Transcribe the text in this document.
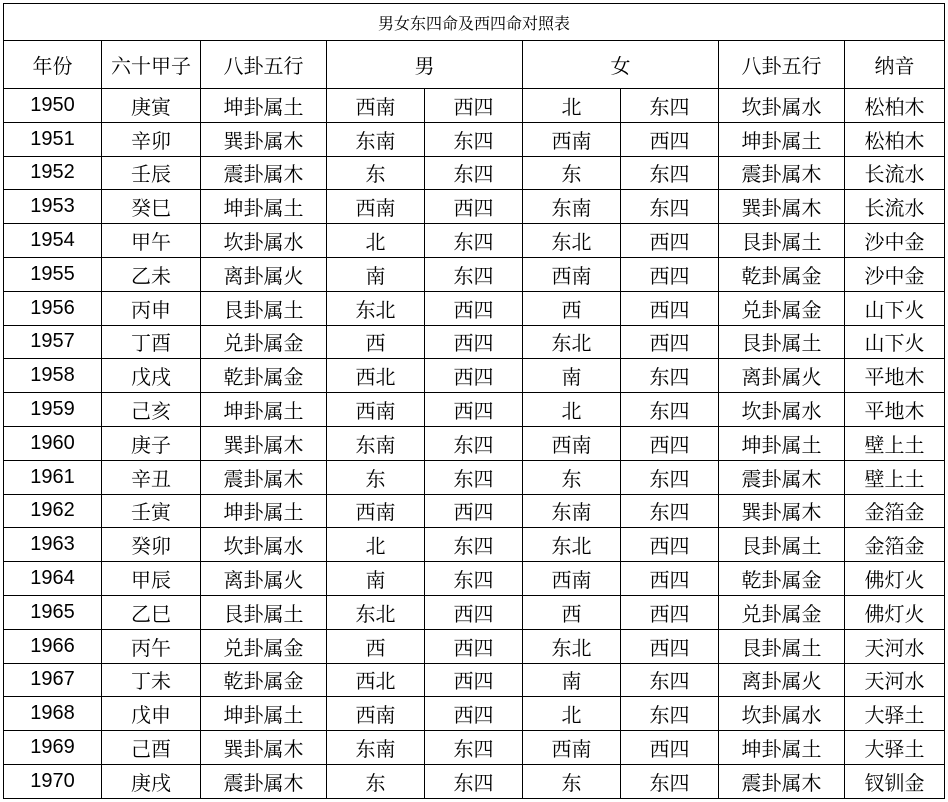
男女东四命及西四命对照表								
年份	六十甲子	八卦五行	男		女		八卦五行	纳音
1950	庚寅	坤卦属土	西南	西四	北	东四	坎卦属水	松柏木
1951	辛卯	巽卦属木	东南	东四	西南	西四	坤卦属土	松柏木
1952	壬辰	震卦属木	东	东四	东	东四	震卦属木	长流水
1953	癸巳	坤卦属土	西南	西四	东南	东四	巽卦属木	长流水
1954	甲午	坎卦属水	北	东四	东北	西四	艮卦属土	沙中金
1955	乙未	离卦属火	南	东四	西南	西四	乾卦属金	沙中金
1956	丙申	艮卦属土	东北	西四	西	西四	兑卦属金	山下火
1957	丁酉	兑卦属金	西	西四	东北	西四	艮卦属土	山下火
1958	戊戌	乾卦属金	西北	西四	南	东四	离卦属火	平地木
1959	己亥	坤卦属土	西南	西四	北	东四	坎卦属水	平地木
1960	庚子	巽卦属木	东南	东四	西南	西四	坤卦属土	壁上土
1961	辛丑	震卦属木	东	东四	东	东四	震卦属木	壁上土
1962	壬寅	坤卦属土	西南	西四	东南	东四	巽卦属木	金箔金
1963	癸卯	坎卦属水	北	东四	东北	西四	艮卦属土	金箔金
1964	甲辰	离卦属火	南	东四	西南	西四	乾卦属金	佛灯火
1965	乙巳	艮卦属土	东北	西四	西	西四	兑卦属金	佛灯火
1966	丙午	兑卦属金	西	西四	东北	西四	艮卦属土	天河水
1967	丁未	乾卦属金	西北	西四	南	东四	离卦属火	天河水
1968	戊申	坤卦属土	西南	西四	北	东四	坎卦属水	大驿土
1969	己酉	巽卦属木	东南	东四	西南	西四	坤卦属土	大驿土
1970	庚戌	震卦属木	东	东四	东	东四	震卦属木	钗钏金
